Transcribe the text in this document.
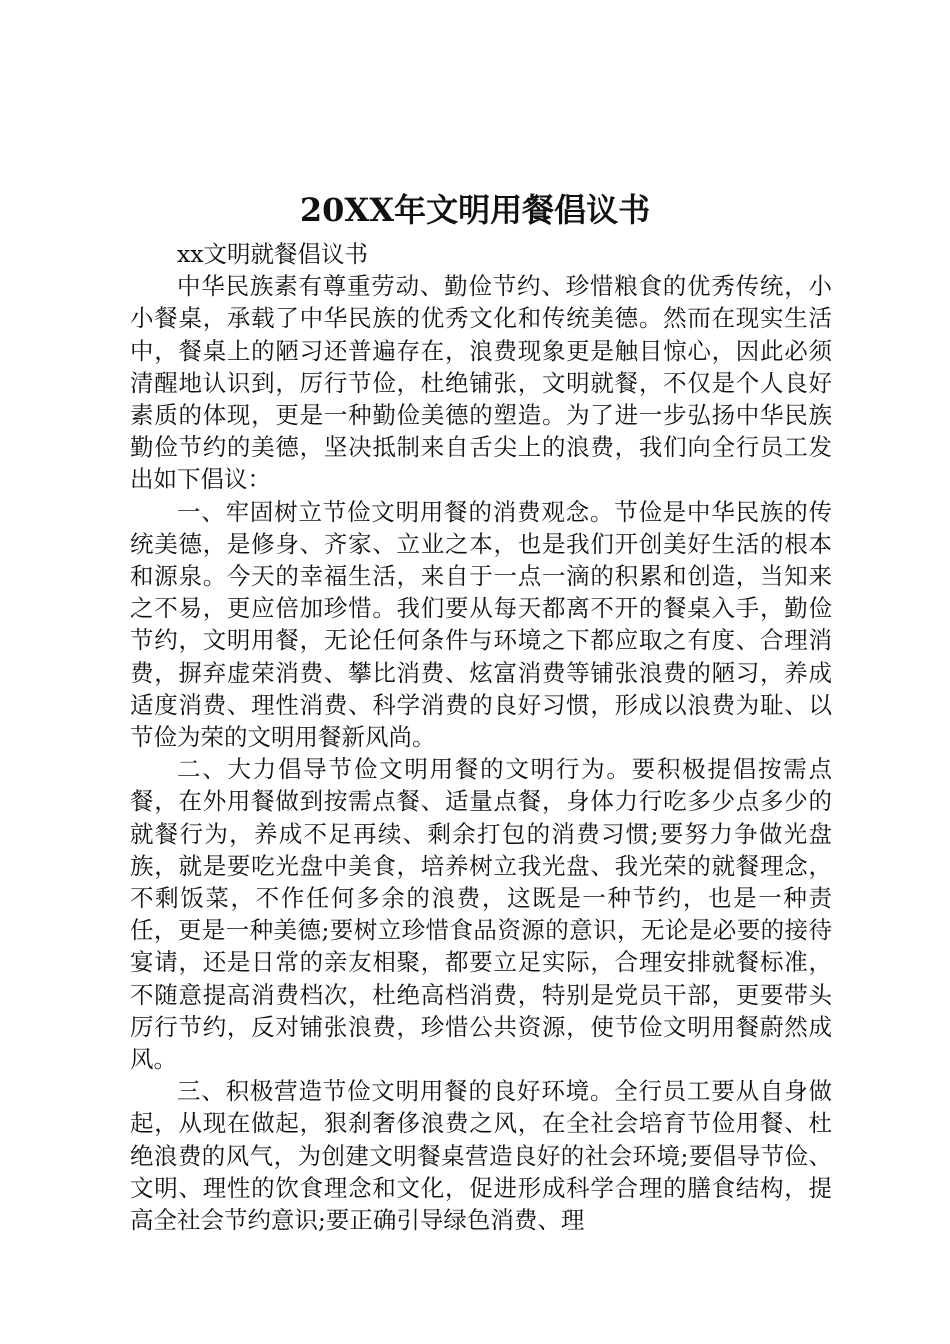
20XX年文明用餐倡议书

xx文明就餐倡议书

中华民族素有尊重劳动、勤俭节约、珍惜粮食的优秀传统，小小餐桌，承载了中华民族的优秀文化和传统美德。然而在现实生活中，餐桌上的陋习还普遍存在，浪费现象更是触目惊心，因此必须清醒地认识到，厉行节俭，杜绝铺张，文明就餐，不仅是个人良好素质的体现，更是一种勤俭美德的塑造。为了进一步弘扬中华民族勤俭节约的美德，坚决抵制来自舌尖上的浪费，我们向全行员工发出如下倡议：

一、牢固树立节俭文明用餐的消费观念。节俭是中华民族的传统美德，是修身、齐家、立业之本，也是我们开创美好生活的根本和源泉。今天的幸福生活，来自于一点一滴的积累和创造，当知来之不易，更应倍加珍惜。我们要从每天都离不开的餐桌入手，勤俭节约，文明用餐，无论任何条件与环境之下都应取之有度、合理消费，摒弃虚荣消费、攀比消费、炫富消费等铺张浪费的陋习，养成适度消费、理性消费、科学消费的良好习惯，形成以浪费为耻、以节俭为荣的文明用餐新风尚。

二、大力倡导节俭文明用餐的文明行为。要积极提倡按需点餐，在外用餐做到按需点餐、适量点餐，身体力行吃多少点多少的就餐行为，养成不足再续、剩余打包的消费习惯;要努力争做光盘族，就是要吃光盘中美食，培养树立我光盘、我光荣的就餐理念，不剩饭菜，不作任何多余的浪费，这既是一种节约，也是一种责任，更是一种美德;要树立珍惜食品资源的意识，无论是必要的接待宴请，还是日常的亲友相聚，都要立足实际，合理安排就餐标准，不随意提高消费档次，杜绝高档消费，特别是党员干部，更要带头厉行节约，反对铺张浪费，珍惜公共资源，使节俭文明用餐蔚然成风。

三、积极营造节俭文明用餐的良好环境。全行员工要从自身做起，从现在做起，狠刹奢侈浪费之风，在全社会培育节俭用餐、杜绝浪费的风气，为创建文明餐桌营造良好的社会环境;要倡导节俭、文明、理性的饮食理念和文化，促进形成科学合理的膳食结构，提高全社会节约意识;要正确引导绿色消费、理
